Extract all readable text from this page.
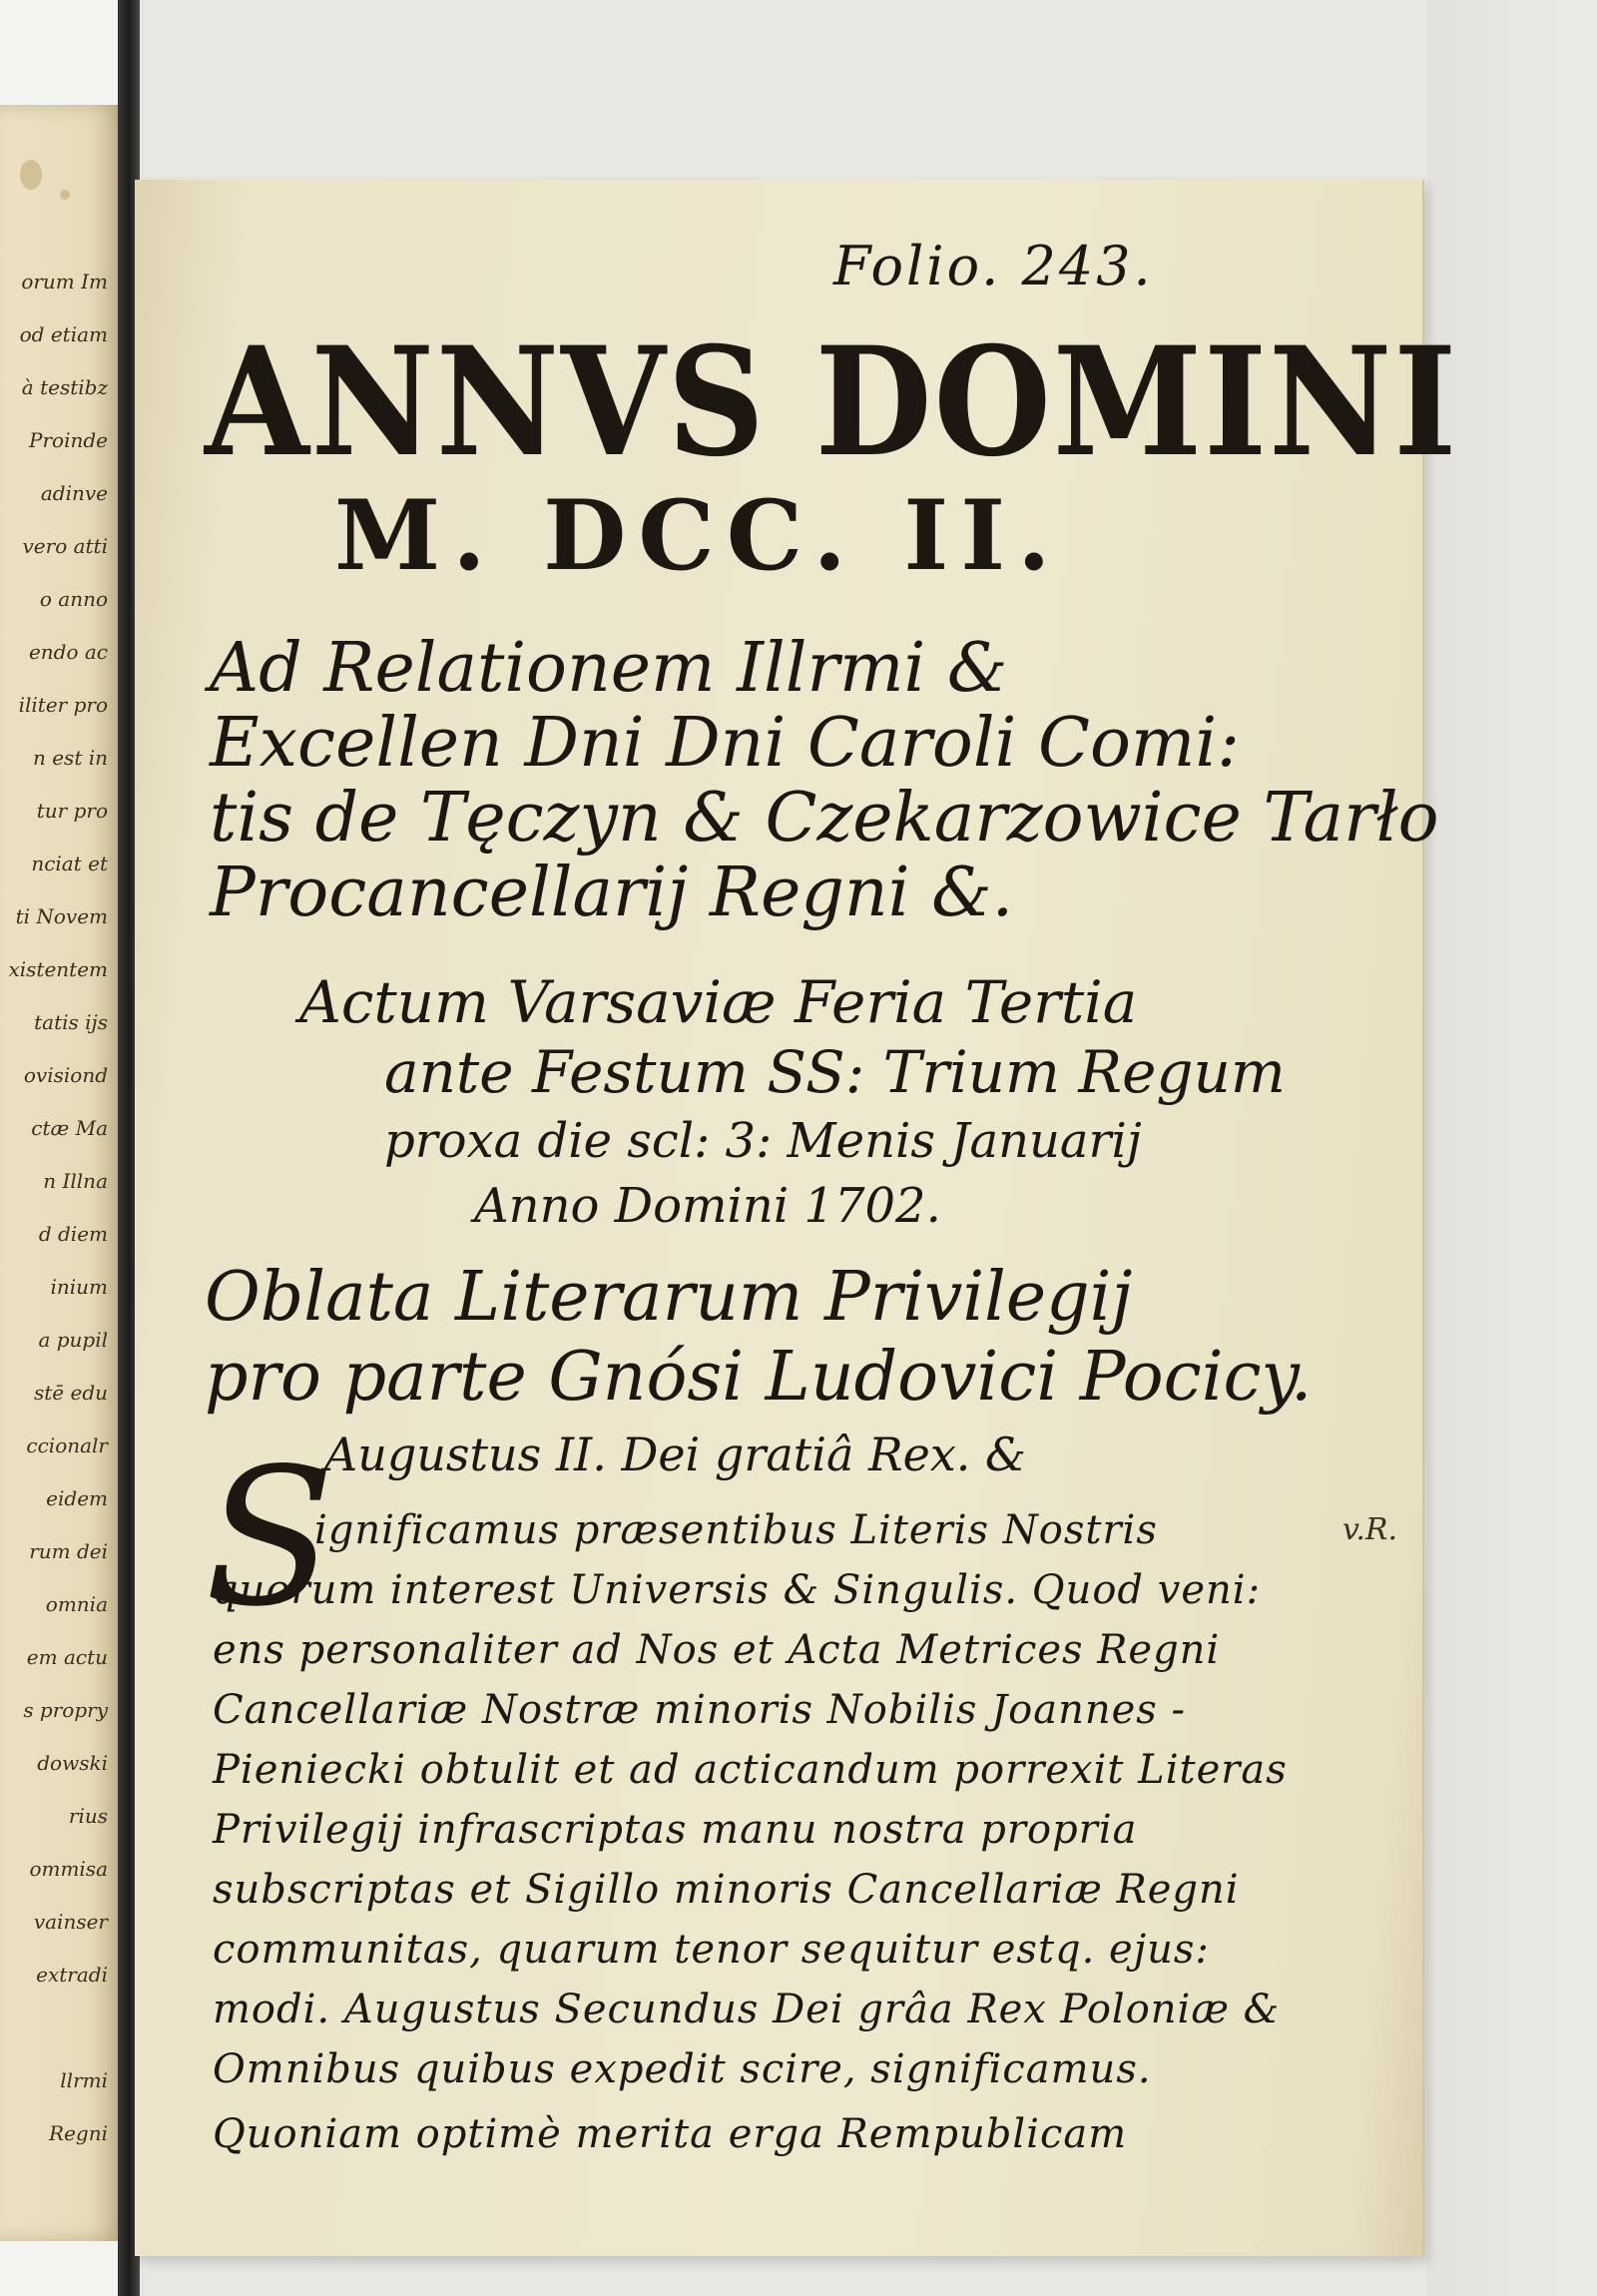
orum Im
od etiam
à testibz
Proinde
adinve
vero atti
o anno
endo ac
iliter pro
n est in
tur pro
nciat et
ti Novem
xistentem
tatis ijs
ovisiond
ctæ Ma
n Illna
d diem
inium
a pupil
stē edu
ccionalr
eidem
rum dei
omnia
em actu
s propry
dowski
rius
ommisa
vainser
extradi
llrmi
Regni
Folio. 243.
ANNVS DOMINI
M. DCC. II.
Ad Relationem Illrmi &
Excellen Dni Dni Caroli Comi:
tis de Tęczyn & Czekarzowice Tarło
Procancellarij Regni &.
Actum Varsaviæ Feria Tertia
ante Festum SS: Trium Regum
proxa die scl: 3: Menis Januarij
Anno Domini 1702.
Oblata Literarum Privilegij
pro parte Gnósi Ludovici Pocicy.
Augustus II. Dei gratiâ Rex. &
S	v.R.
ignificamus præsentibus Literis Nostris
quorum interest Universis & Singulis. Quod veni:
ens personaliter ad Nos et Acta Metrices Regni
Cancellariæ Nostræ minoris Nobilis Joannes -
Pieniecki obtulit et ad acticandum porrexit Literas
Privilegij infrascriptas manu nostra propria
subscriptas et Sigillo minoris Cancellariæ Regni
communitas, quarum tenor sequitur estq. ejus:
modi. Augustus Secundus Dei grâa Rex Poloniæ &
Omnibus quibus expedit scire, significamus.
Quoniam optimè merita erga Rempublicam
